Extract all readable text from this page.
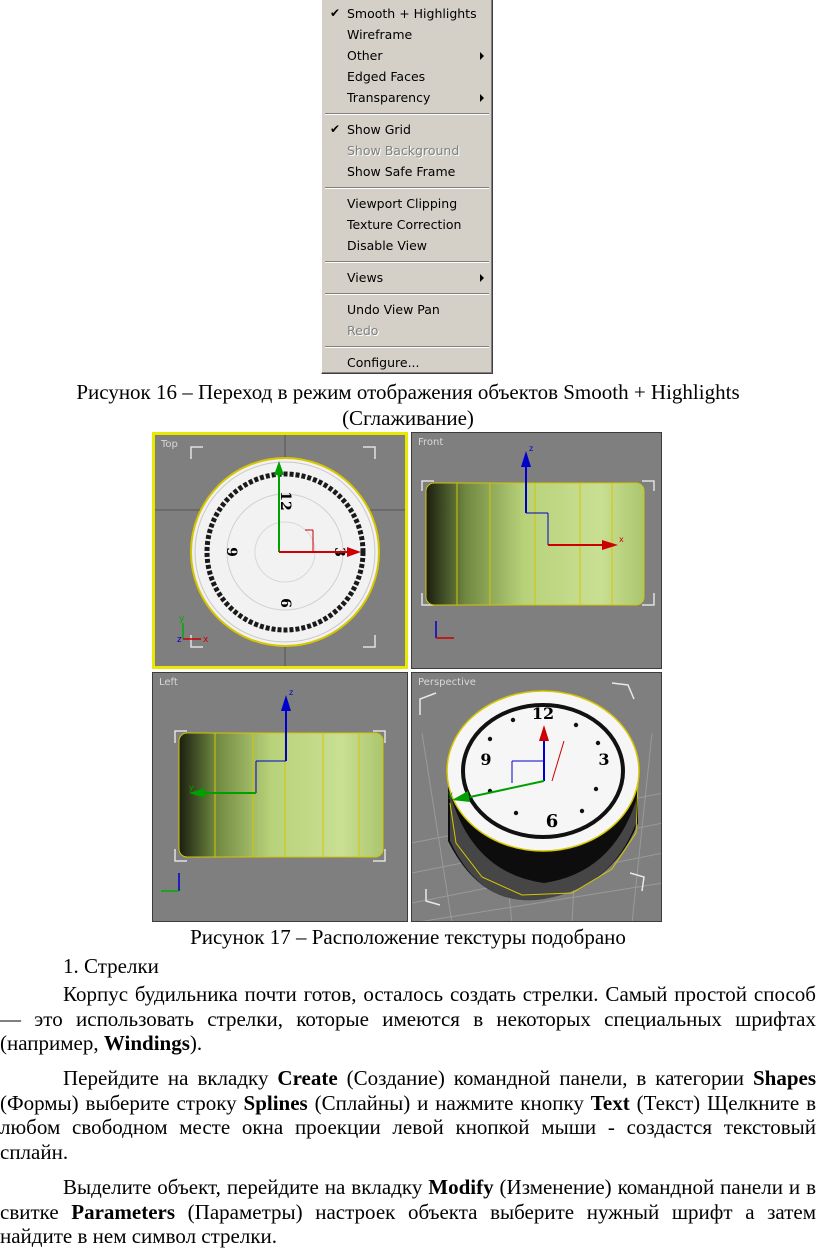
✔ Smooth + Highlights
Wireframe
Other
Edged Faces
Transparency
✔ Show Grid
Show Background
Show Safe Frame
Viewport Clipping
Texture Correction
Disable View
Views
Undo View Pan
Redo
Configure...
Рисунок 16 – Переход в режим отображения объектов Smooth + Highlights
(Сглаживание)
12
3
6
9
y
x
z
Top
x
z
Front
y
z
Left
12
3
6
9
y
Perspective
Рисунок 17 – Расположение текстуры подобрано
1. Стрелки

Корпус будильника почти готов, осталось создать стрелки. Самый простой способ — это использовать стрелки, которые имеются в некоторых специальных шрифтах (например, Windings).

Перейдите на вкладку Create (Создание) командной панели, в категории Shapes (Формы) выберите строку Splines (Сплайны) и нажмите кнопку Text (Текст) Щелкните в любом свободном месте окна проекции левой кнопкой мыши - создастся текстовый сплайн.

Выделите объект, перейдите на вкладку Modify (Изменение) командной панели и в свитке Parameters (Параметры) настроек объекта выберите нужный шрифт а затем найдите в нем символ стрелки.
